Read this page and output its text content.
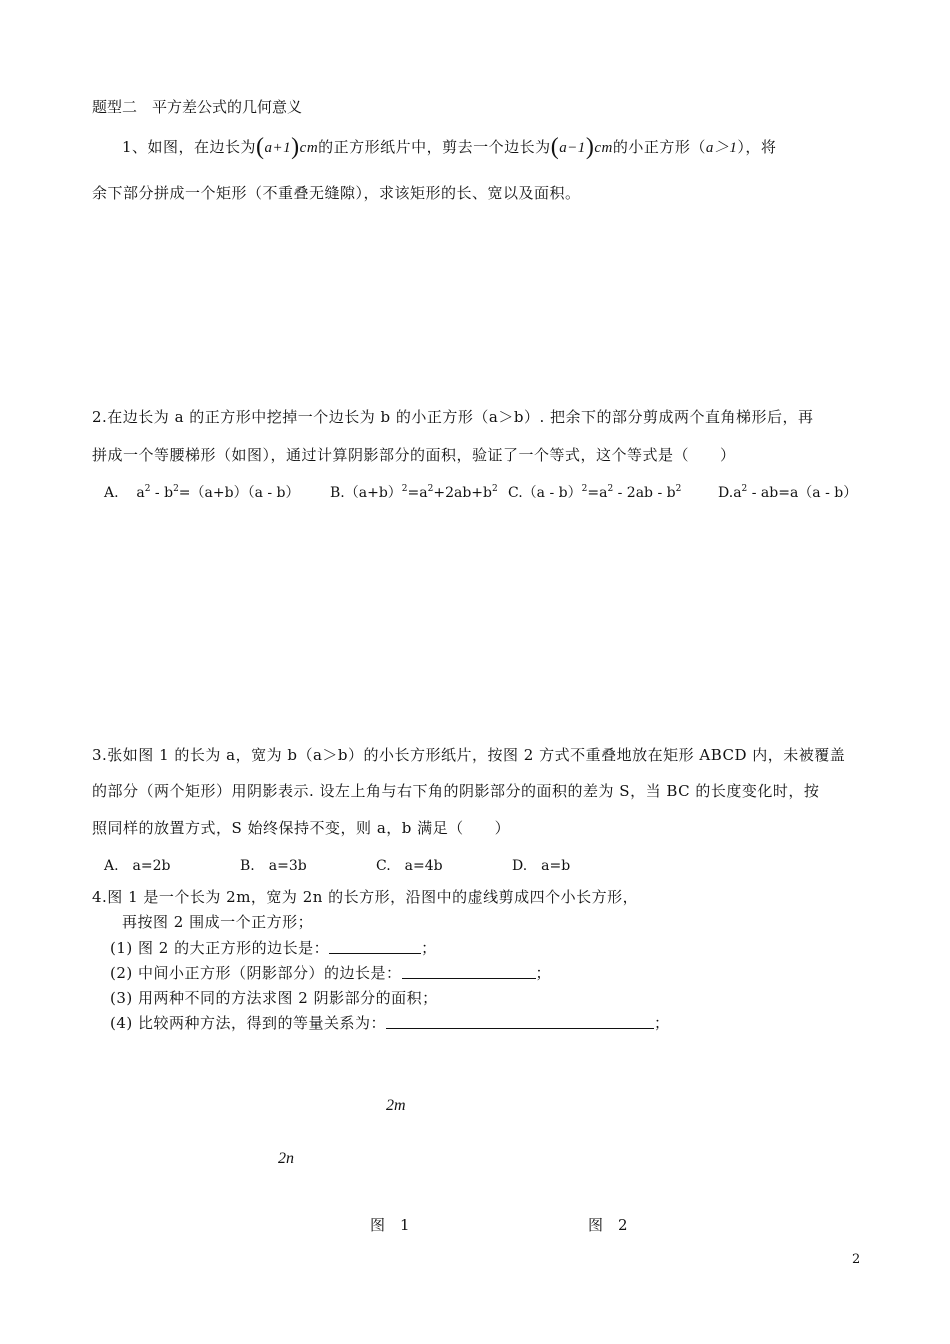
题型二　平方差公式的几何意义
1、如图，在边长为(a+1)cm的正方形纸片中，剪去一个边长为(a−1)cm的小正方形（a＞1），将
余下部分拼成一个矩形（不重叠无缝隙），求该矩形的长、宽以及面积。
2.在边长为 a 的正方形中挖掉一个边长为 b 的小正方形（a＞b）. 把余下的部分剪成两个直角梯形后，再
拼成一个等腰梯形（如图），通过计算阴影部分的面积，验证了一个等式，这个等式是（　　）
A. $a^2 - b^2=(a+b)(a - b)$ $B.(a+b)^2=a^2+2ab+b^2$ $C.(a - b)^2=a^2 - 2ab - b^2$	$D.a^2 - ab=a(a - b)$
3.张如图 1 的长为 a，宽为 b（a＞b）的小长方形纸片，按图 2 方式不重叠地放在矩形 ABCD 内，未被覆盖
的部分（两个矩形）用阴影表示. 设左上角与右下角的阴影部分的面积的差为 S，当 BC 的长度变化时，按
照同样的放置方式，S 始终保持不变，则 a，b 满足（　　）
A.　a=2b	B.　a=3b	C.　a=4b	D.　a=b
4.图 1 是一个长为 2m，宽为 2n 的长方形，沿图中的虚线剪成四个小长方形，
再按图 2 围成一个正方形；
(1) 图 2 的大正方形的边长是：	；
(2) 中间小正方形（阴影部分）的边长是：	；
(3) 用两种不同的方法求图 2 阴影部分的面积；
(4) 比较两种方法，得到的等量关系为：	；
2m
2n
图　1	图　2
2
